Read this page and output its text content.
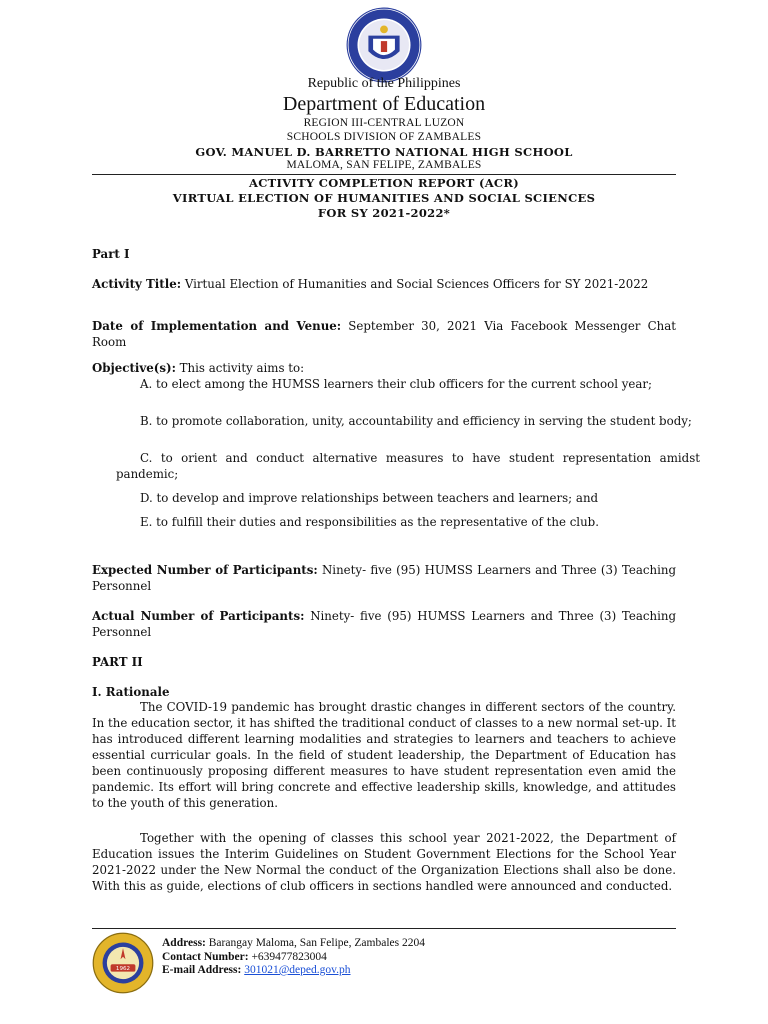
Republic of the Philippines
Department of Education
REGION III-CENTRAL LUZON
SCHOOLS DIVISION OF ZAMBALES
GOV. MANUEL D. BARRETTO NATIONAL HIGH SCHOOL
MALOMA, SAN FELIPE, ZAMBALES
ACTIVITY COMPLETION REPORT (ACR)
VIRTUAL ELECTION OF HUMANITIES AND SOCIAL SCIENCES
FOR SY 2021-2022*
Part I
Activity Title: Virtual Election of Humanities and Social Sciences Officers for SY 2021-2022
Date of Implementation and Venue: September 30, 2021 Via Facebook Messenger Chat Room
Objective(s): This activity aims to:
A. to elect among the HUMSS learners their club officers for the current school year;
B. to promote collaboration, unity, accountability and efficiency in serving the student body;
C. to orient and conduct alternative measures to have student representation amidst pandemic;
D. to develop and improve relationships between teachers and learners; and
E. to fulfill their duties and responsibilities as the representative of the club.
Expected Number of Participants: Ninety- five (95) HUMSS Learners and Three (3) Teaching Personnel
Actual Number of Participants: Ninety- five (95) HUMSS Learners and Three (3) Teaching Personnel
PART II
I. Rationale
The COVID-19 pandemic has brought drastic changes in different sectors of the country. In the education sector, it has shifted the traditional conduct of classes to a new normal set-up. It has introduced different learning modalities and strategies to learners and teachers to achieve essential curricular goals. In the field of student leadership, the Department of Education has been continuously proposing different measures to have student representation even amid the pandemic. Its effort will bring concrete and effective leadership skills, knowledge, and attitudes to the youth of this generation.
Together with the opening of classes this school year 2021-2022, the Department of Education issues the Interim Guidelines on Student Government Elections for the School Year 2021-2022 under the New Normal the conduct of the Organization Elections shall also be done. With this as guide, elections of club officers in sections handled were announced and conducted.
1962
Address: Barangay Maloma, San Felipe, Zambales 2204
Contact Number: +639477823004
E-mail Address: 301021@deped.gov.ph
